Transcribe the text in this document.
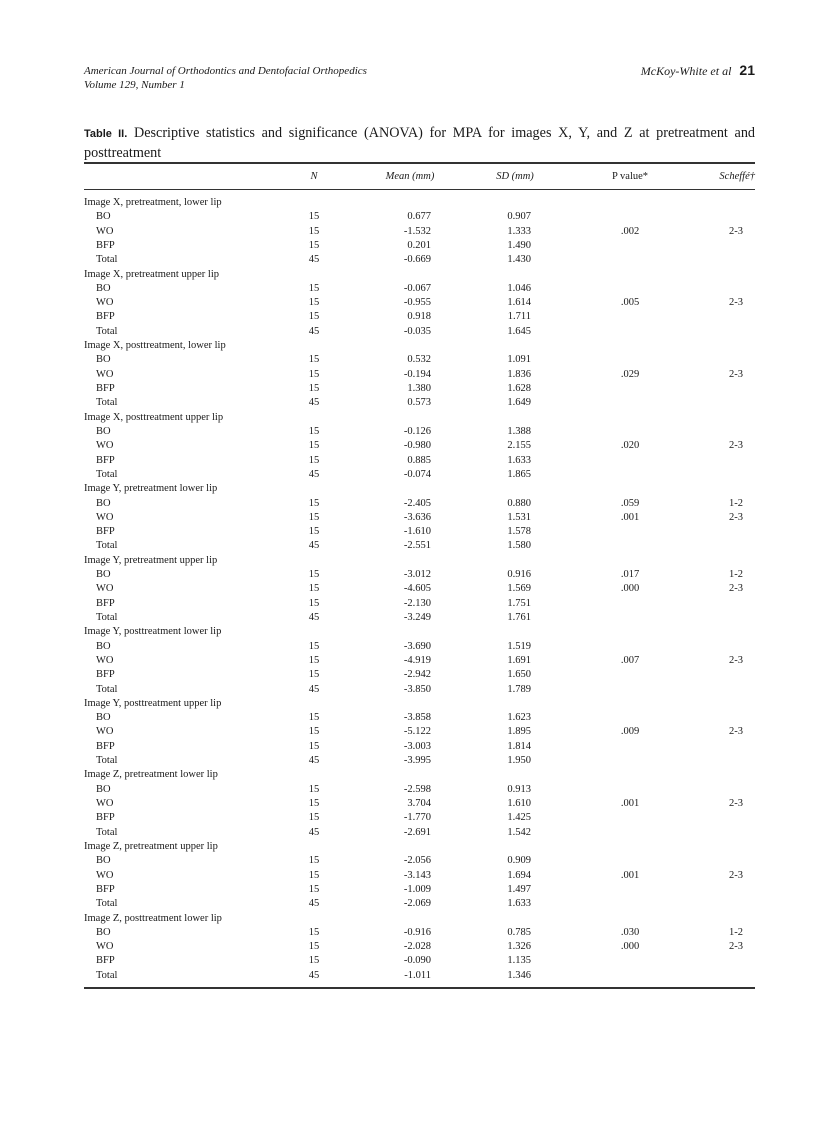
American Journal of Orthodontics and Dentofacial Orthopedics
Volume 129, Number 1
McKoy-White et al 21
Table II. Descriptive statistics and significance (ANOVA) for MPA for images X, Y, and Z at pretreatment and posttreatment
N	Mean (mm)	SD (mm)	P value*	Scheffé†
Image X, pretreatment, lower lip
BO	15	0.677	0.907
WO	15	-1.532	1.333	.002	2-3
BFP	15	0.201	1.490
Total	45	-0.669	1.430
Image X, pretreatment upper lip
BO	15	-0.067	1.046
WO	15	-0.955	1.614	.005	2-3
BFP	15	0.918	1.711
Total	45	-0.035	1.645
Image X, posttreatment, lower lip
BO	15	0.532	1.091
WO	15	-0.194	1.836	.029	2-3
BFP	15	1.380	1.628
Total	45	0.573	1.649
Image X, posttreatment upper lip
BO	15	-0.126	1.388
WO	15	-0.980	2.155	.020	2-3
BFP	15	0.885	1.633
Total	45	-0.074	1.865
Image Y, pretreatment lower lip
BO	15	-2.405	0.880	.059	1-2
WO	15	-3.636	1.531	.001	2-3
BFP	15	-1.610	1.578
Total	45	-2.551	1.580
Image Y, pretreatment upper lip
BO	15	-3.012	0.916	.017	1-2
WO	15	-4.605	1.569	.000	2-3
BFP	15	-2.130	1.751
Total	45	-3.249	1.761
Image Y, posttreatment lower lip
BO	15	-3.690	1.519
WO	15	-4.919	1.691	.007	2-3
BFP	15	-2.942	1.650
Total	45	-3.850	1.789
Image Y, posttreatment upper lip
BO	15	-3.858	1.623
WO	15	-5.122	1.895	.009	2-3
BFP	15	-3.003	1.814
Total	45	-3.995	1.950
Image Z, pretreatment lower lip
BO	15	-2.598	0.913
WO	15	3.704	1.610	.001	2-3
BFP	15	-1.770	1.425
Total	45	-2.691	1.542
Image Z, pretreatment upper lip
BO	15	-2.056	0.909
WO	15	-3.143	1.694	.001	2-3
BFP	15	-1.009	1.497
Total	45	-2.069	1.633
Image Z, posttreatment lower lip
BO	15	-0.916	0.785	.030	1-2
WO	15	-2.028	1.326	.000	2-3
BFP	15	-0.090	1.135
Total	45	-1.011	1.346
